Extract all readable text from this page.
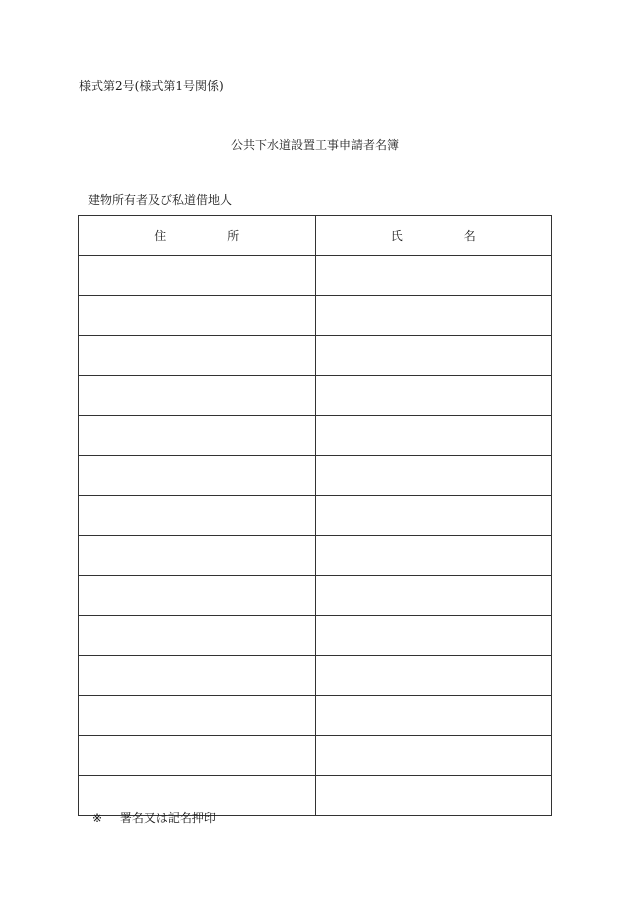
様式第2号(様式第1号関係)
公共下水道設置工事申請者名簿
建物所有者及び私道借地人
住 所	氏 名

※ 署名又は記名押印
